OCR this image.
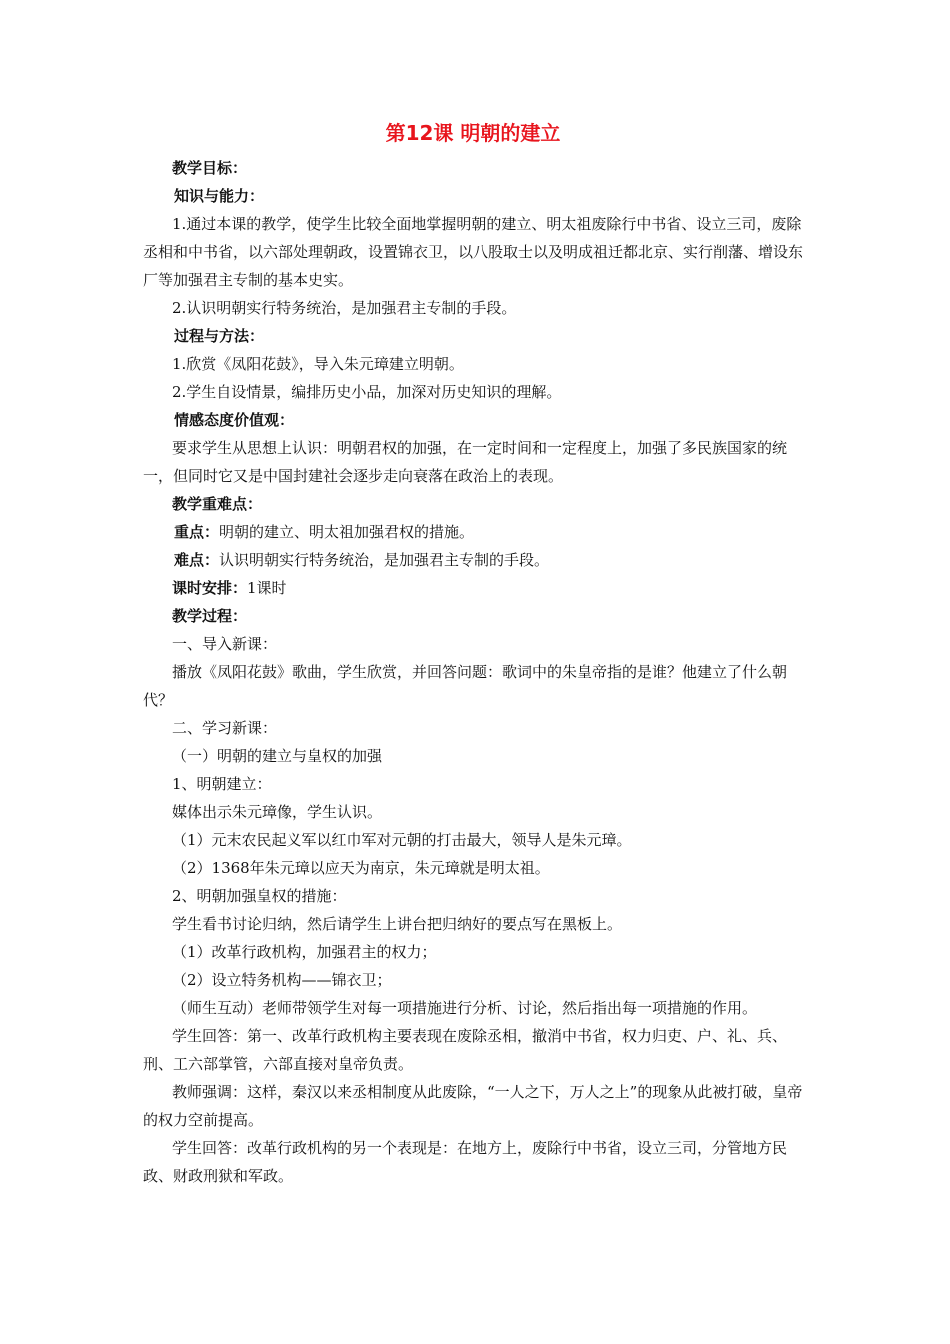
第12课 明朝的建立

教学目标：

知识与能力：

1.通过本课的教学，使学生比较全面地掌握明朝的建立、明太祖废除行中书省、设立三司，废除丞相和中书省，以六部处理朝政，设置锦衣卫，以八股取士以及明成祖迁都北京、实行削藩、增设东厂等加强君主专制的基本史实。

2.认识明朝实行特务统治，是加强君主专制的手段。

过程与方法：

1.欣赏《凤阳花鼓》，导入朱元璋建立明朝。

2.学生自设情景，编排历史小品，加深对历史知识的理解。

情感态度价值观：

要求学生从思想上认识：明朝君权的加强，在一定时间和一定程度上，加强了多民族国家的统一，但同时它又是中国封建社会逐步走向衰落在政治上的表现。

教学重难点：

重点：明朝的建立、明太祖加强君权的措施。

难点：认识明朝实行特务统治，是加强君主专制的手段。

课时安排：1课时

教学过程：

一、导入新课：

播放《凤阳花鼓》歌曲，学生欣赏，并回答问题：歌词中的朱皇帝指的是谁？他建立了什么朝代？

二、学习新课：

（一）明朝的建立与皇权的加强

1、明朝建立：

媒体出示朱元璋像，学生认识。

（1）元末农民起义军以红巾军对元朝的打击最大，领导人是朱元璋。

（2）1368年朱元璋以应天为南京，朱元璋就是明太祖。

2、明朝加强皇权的措施：

学生看书讨论归纳，然后请学生上讲台把归纳好的要点写在黑板上。

（1）改革行政机构，加强君主的权力；

（2）设立特务机构——锦衣卫；

（师生互动）老师带领学生对每一项措施进行分析、讨论，然后指出每一项措施的作用。

学生回答：第一、改革行政机构主要表现在废除丞相，撤消中书省，权力归吏、户、礼、兵、刑、工六部掌管，六部直接对皇帝负责。

教师强调：这样，秦汉以来丞相制度从此废除，“一人之下，万人之上”的现象从此被打破，皇帝的权力空前提高。

学生回答：改革行政机构的另一个表现是：在地方上，废除行中书省，设立三司，分管地方民政、财政刑狱和军政。
